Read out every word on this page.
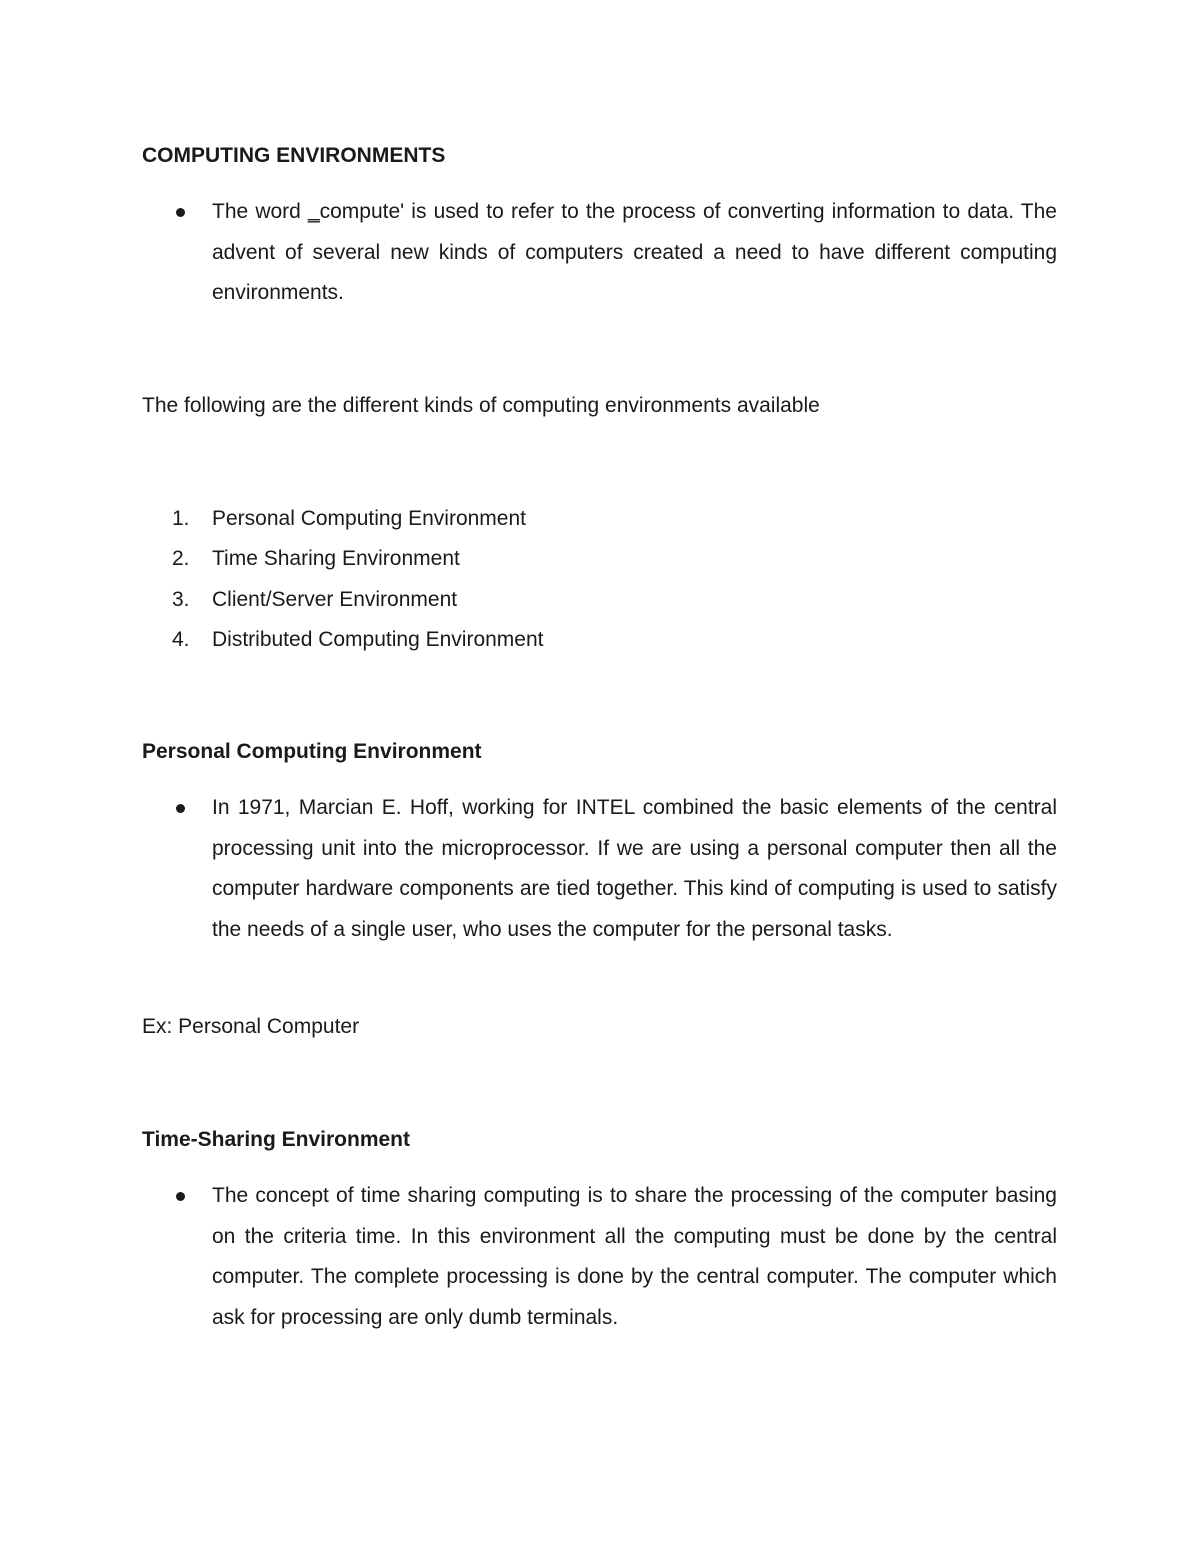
COMPUTING ENVIRONMENTS

The word ‗compute' is used to refer to the process of converting information to data. The advent of several new kinds of computers created a need to have different computing environments.

The following are the different kinds of computing environments available

1. Personal Computing Environment

2. Time Sharing Environment

3. Client/Server Environment

4. Distributed Computing Environment

Personal Computing Environment

In 1971, Marcian E. Hoff, working for INTEL combined the basic elements of the central processing unit into the microprocessor. If we are using a personal computer then all the computer hardware components are tied together. This kind of computing is used to satisfy the needs of a single user, who uses the computer for the personal tasks.

Ex: Personal Computer

Time-Sharing Environment

The concept of time sharing computing is to share the processing of the computer basing on the criteria time. In this environment all the computing must be done by the central computer. The complete processing is done by the central computer. The computer which ask for processing are only dumb terminals.
